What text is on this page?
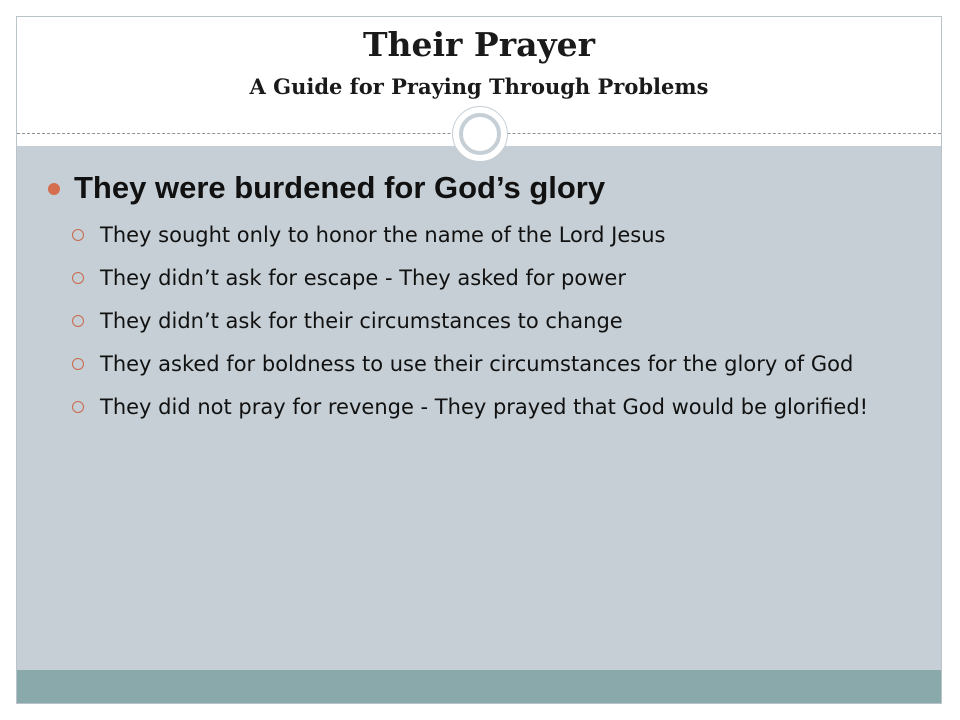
Their Prayer
A Guide for Praying Through Problems
They were burdened for God’s glory
They sought only to honor the name of the Lord Jesus
They didn’t ask for escape - They asked for power
They didn’t ask for their circumstances to change
They asked for boldness to use their circumstances for the glory of God
They did not pray for revenge - They prayed that God would be glorified!
